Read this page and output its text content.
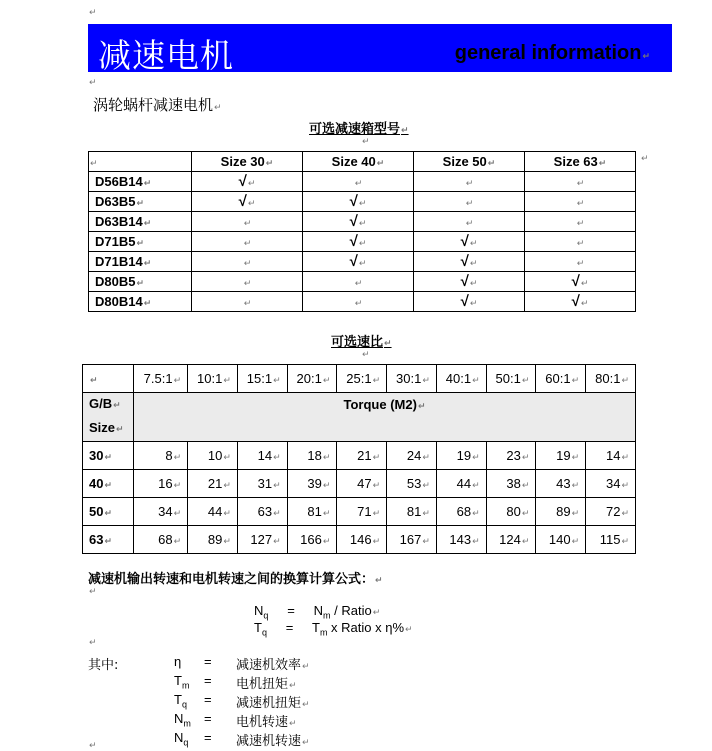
↵
减速电机	general information↵
↵
涡轮蜗杆减速电机↵
可选减速箱型号↵
↵
↵	Size 30↵	Size 40↵	Size 50↵	Size 63↵
D56B14↵	√↵	↵	↵	↵
D63B5↵	√↵	√↵	↵	↵
D63B14↵	↵	√↵	↵	↵
D71B5↵	↵	√↵	√↵	↵
D71B14↵	↵	√↵	√↵	↵
D80B5↵	↵	↵	√↵	√↵
D80B14↵	↵	↵	√↵	√↵
↵
可选速比↵
↵
↵	7.5:1↵	10:1↵	15:1↵	20:1↵	25:1↵	30:1↵	40:1↵	50:1↵	60:1↵	80:1↵
G/B↵
Size↵	Torque (M2)↵									
30↵	8↵	10↵	14↵	18↵	21↵	24↵	19↵	23↵	19↵	14↵
40↵	16↵	21↵	31↵	39↵	47↵	53↵	44↵	38↵	43↵	34↵
50↵	34↵	44↵	63↵	81↵	71↵	81↵	68↵	80↵	89↵	72↵
63↵	68↵	89↵	127↵	166↵	146↵	167↵	143↵	124↵	140↵	115↵
减速机输出转速和电机转速之间的换算计算公式：↵
↵
$N_q = N_m$ / Ratio↵
$T_q = T_m$ x Ratio x η%↵
↵
其中:	η = 减速机效率↵
$T_m$ = 电机扭矩↵
$T_q$ = 减速机扭矩↵
$N_m$ = 电机转速↵
$N_q$ = 减速机转速↵
↵
